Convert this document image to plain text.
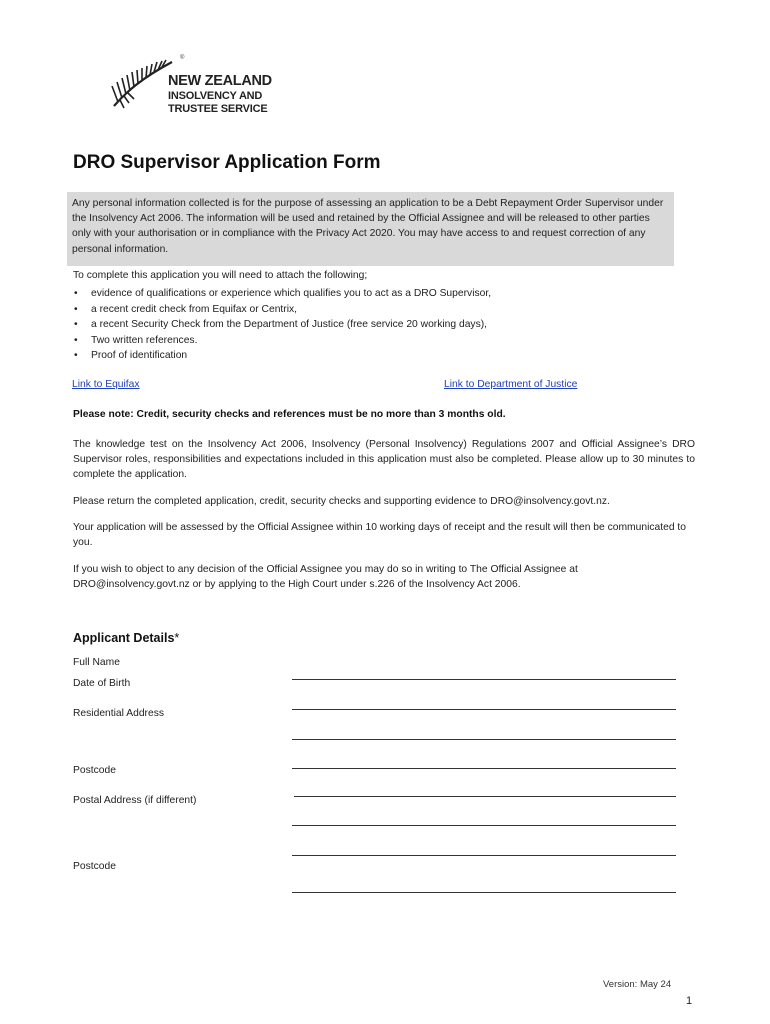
®
NEW ZEALAND
INSOLVENCY AND
TRUSTEE SERVICE
DRO Supervisor Application Form
Any personal information collected is for the purpose of assessing an application to be a Debt Repayment Order Supervisor under the Insolvency Act 2006. The information will be used and retained by the Official Assignee and will be released to other parties only with your authorisation or in compliance with the Privacy Act 2020. You may have access to and request correction of any personal information.
To complete this application you will need to attach the following;
• evidence of qualifications or experience which qualifies you to act as a DRO Supervisor,
• a recent credit check from Equifax or Centrix,
• a recent Security Check from the Department of Justice (free service 20 working days),
• Two written references.
• Proof of identification
Link to Equifax	Link to Department of Justice
Please note: Credit, security checks and references must be no more than 3 months old.
The knowledge test on the Insolvency Act 2006, Insolvency (Personal Insolvency) Regulations 2007 and Official Assignee’s DRO Supervisor roles, responsibilities and expectations included in this application must also be completed. Please allow up to 30 minutes to complete the application.
Please return the completed application, credit, security checks and supporting evidence to DRO@insolvency.govt.nz.
Your application will be assessed by the Official Assignee within 10 working days of receipt and the result will then be communicated to you.
If you wish to object to any decision of the Official Assignee you may do so in writing to The Official Assignee at DRO@insolvency.govt.nz or by applying to the High Court under s.226 of the Insolvency Act 2006.
Applicant Details*
Full Name
Date of Birth
Residential Address
Postcode
Postal Address (if different)
Postcode
Version: May 24
1
